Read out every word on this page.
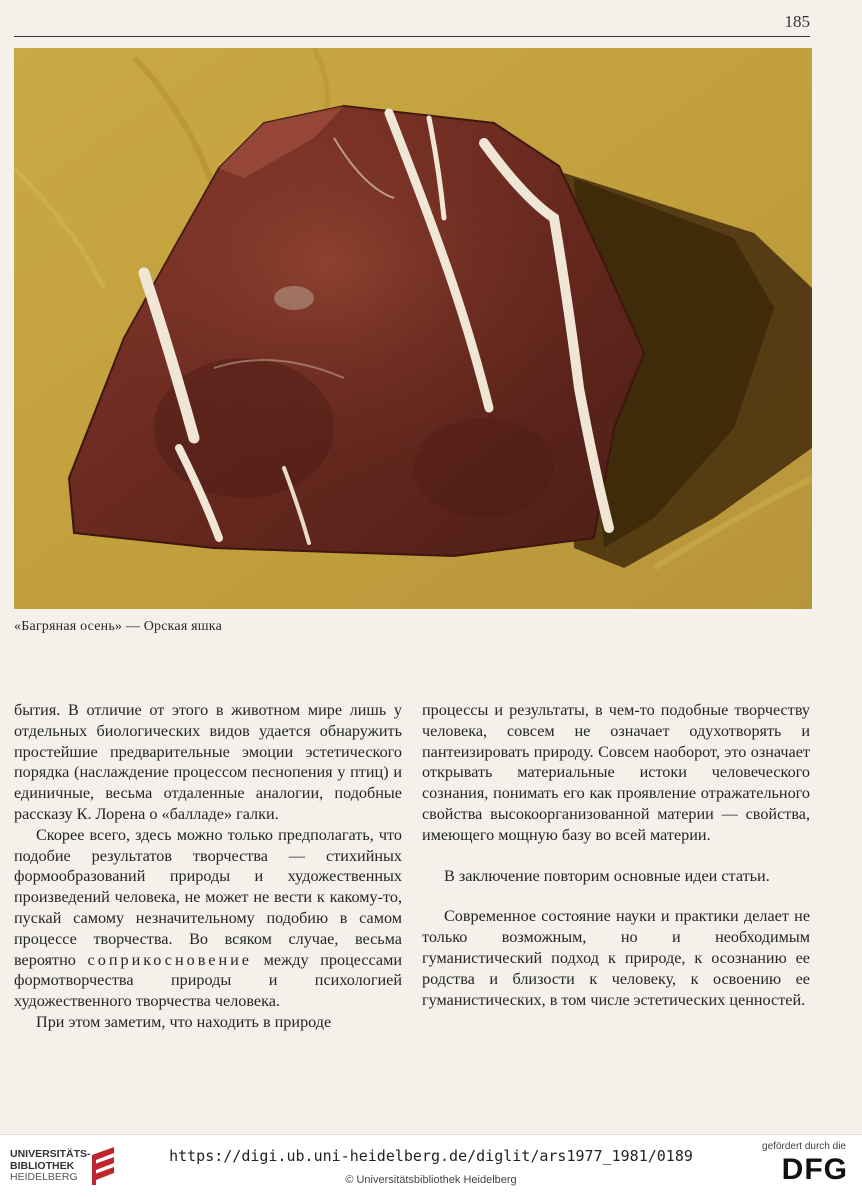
185
«Багряная осень» — Орская яшка

бытия. В отличие от этого в животном мире лишь у отдельных биологических видов удается обнаружить простейшие предварительные эмоции эстетического порядка (наслаждение процессом песнопения у птиц) и единичные, весьма отдаленные аналогии, подобные рассказу К. Лорена о «балладе» галки.

Скорее всего, здесь можно только предполагать, что подобие результатов творчества — стихийных формообразований природы и художественных произведений человека, не может не вести к какому-то, пускай самому незначительному подобию в самом процессе творчества. Во всяком случае, весьма вероятно соприкосновение между процессами формотворчества природы и психологией художественного творчества человека.

При этом заметим, что находить в природе

процессы и результаты, в чем-то подобные творчеству человека, совсем не означает одухотворять и пантеизировать природу. Совсем наоборот, это означает открывать материальные истоки человеческого сознания, понимать его как проявление отражательного свойства высокоорганизованной материи — свойства, имеющего мощную базу во всей материи.

В заключение повторим основные идеи статьи.

Современное состояние науки и практики делает не только возможным, но и необходимым гуманистический подход к природе, к осознанию ее родства и близости к человеку, к освоению ее гуманистических, в том числе эстетических ценностей.

UNIVERSITÄTS-
BIBLIOTHEK
HEIDELBERG
https://digi.ub.uni-heidelberg.de/diglit/ars1977_1981/0189
© Universitätsbibliothek Heidelberg
gefördert durch die
DFG
